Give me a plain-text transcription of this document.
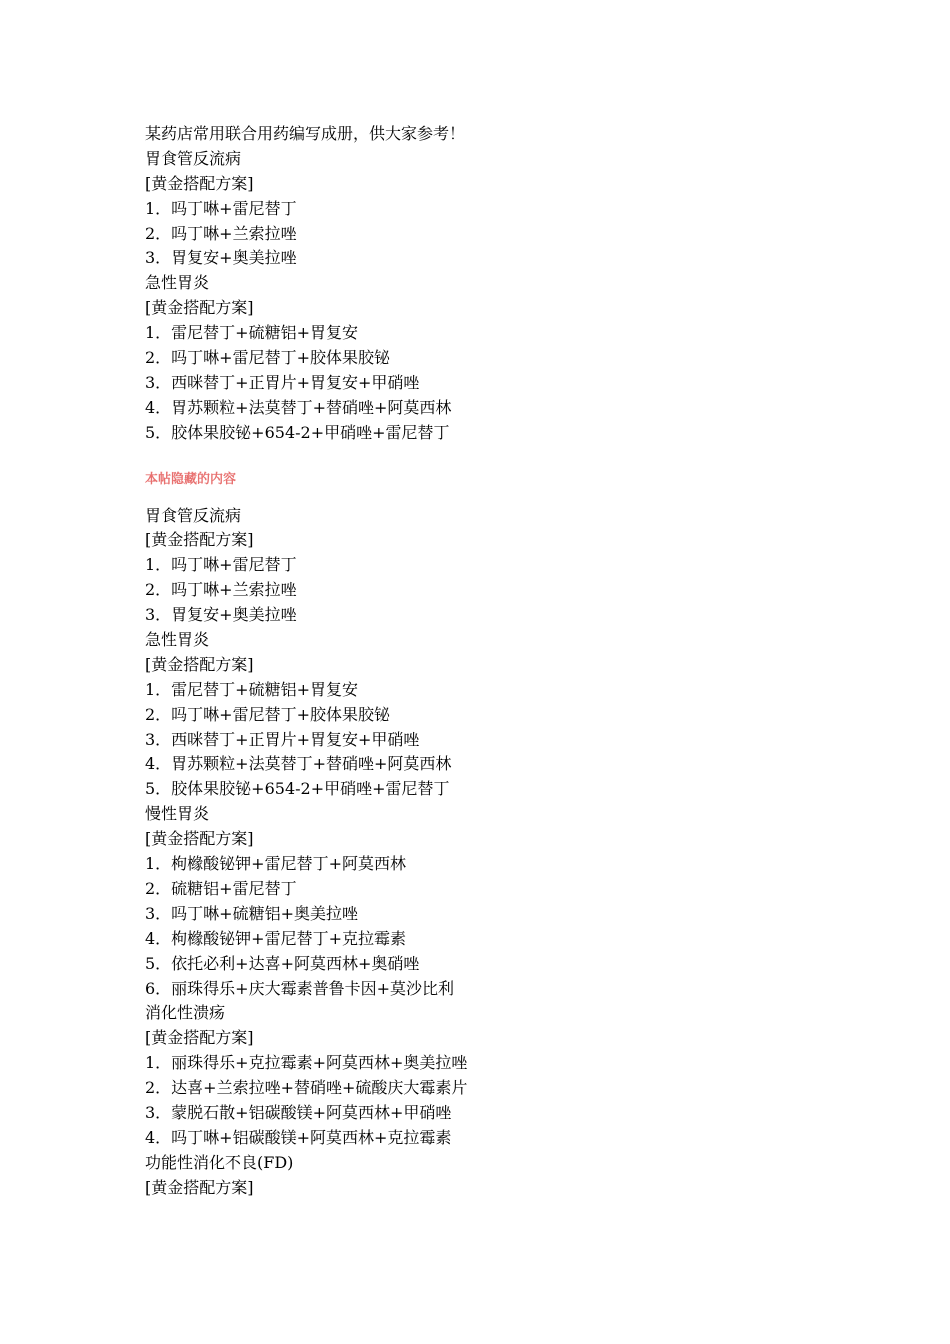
某药店常用联合用药编写成册，供大家参考！
胃食管反流病
[黄金搭配方案]
1．吗丁啉+雷尼替丁
2．吗丁啉+兰索拉唑
3．胃复安+奥美拉唑
急性胃炎
[黄金搭配方案]
1．雷尼替丁+硫糖铝+胃复安
2．吗丁啉+雷尼替丁+胶体果胶铋
3．西咪替丁+正胃片+胃复安+甲硝唑
4．胃苏颗粒+法莫替丁+替硝唑+阿莫西林
5．胶体果胶铋+654-2+甲硝唑+雷尼替丁
本帖隐藏的内容
胃食管反流病
[黄金搭配方案]
1．吗丁啉+雷尼替丁
2．吗丁啉+兰索拉唑
3．胃复安+奥美拉唑
急性胃炎
[黄金搭配方案]
1．雷尼替丁+硫糖铝+胃复安
2．吗丁啉+雷尼替丁+胶体果胶铋
3．西咪替丁+正胃片+胃复安+甲硝唑
4．胃苏颗粒+法莫替丁+替硝唑+阿莫西林
5．胶体果胶铋+654-2+甲硝唑+雷尼替丁
慢性胃炎
[黄金搭配方案]
1．枸橼酸铋钾+雷尼替丁+阿莫西林
2．硫糖铝+雷尼替丁
3．吗丁啉+硫糖铝+奥美拉唑
4．枸橼酸铋钾+雷尼替丁+克拉霉素
5．依托必利+达喜+阿莫西林+奥硝唑
6．丽珠得乐+庆大霉素普鲁卡因+莫沙比利
消化性溃疡
[黄金搭配方案]
1．丽珠得乐+克拉霉素+阿莫西林+奥美拉唑
2．达喜+兰索拉唑+替硝唑+硫酸庆大霉素片
3．蒙脱石散+铝碳酸镁+阿莫西林+甲硝唑
4．吗丁啉+铝碳酸镁+阿莫西林+克拉霉素
功能性消化不良(FD)
[黄金搭配方案]
